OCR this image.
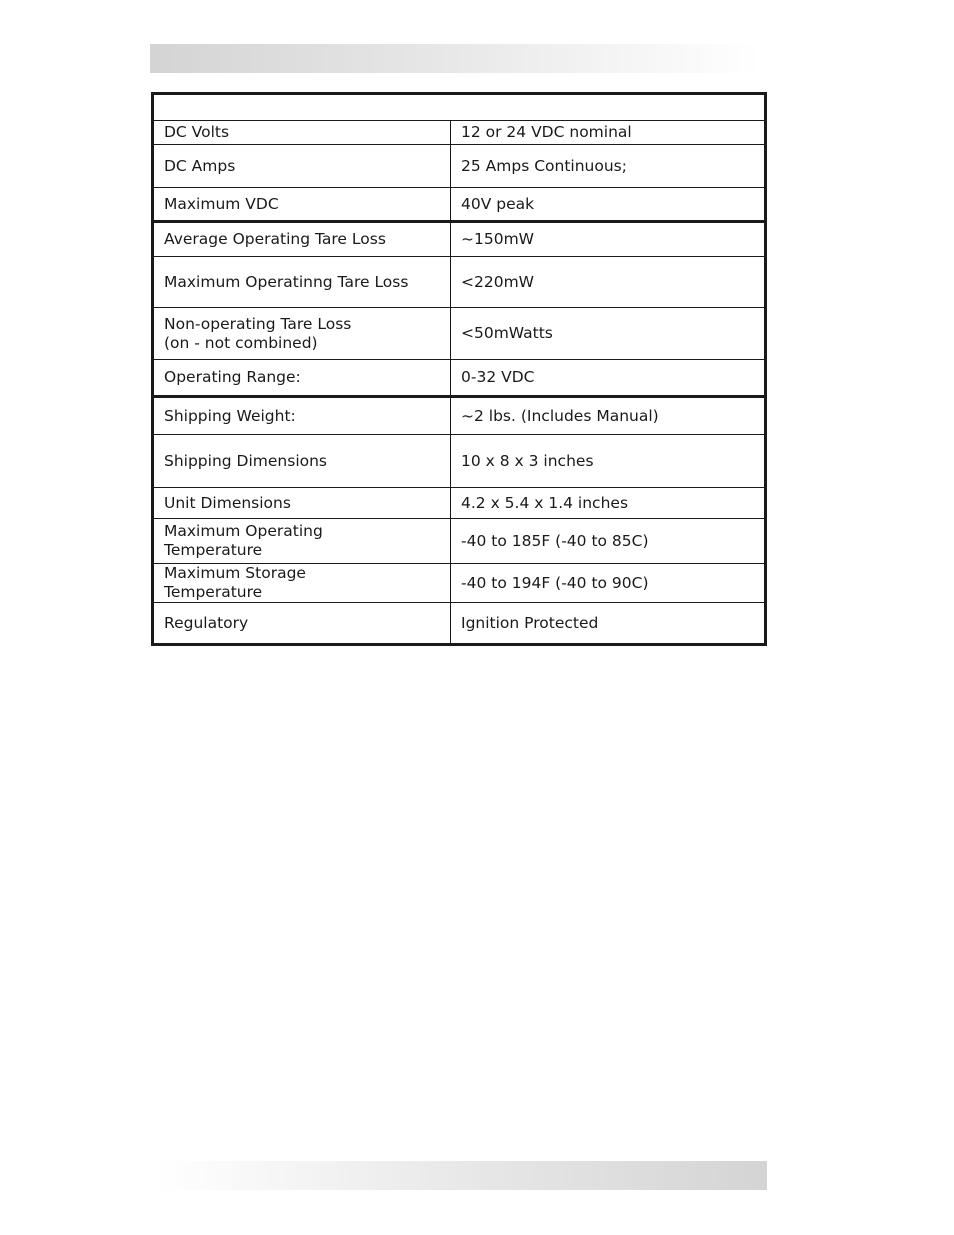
DC Volts	12 or 24 VDC nominal
DC Amps	25 Amps Continuous;
Maximum VDC	40V peak
Average Operating Tare Loss	~150mW
Maximum Operatinng Tare Loss	<220mW
Non-operating Tare Loss
(on - not combined)	<50mWatts
Operating Range:	0-32 VDC
Shipping Weight:	~2 lbs. (Includes Manual)
Shipping Dimensions	10 x 8 x 3 inches
Unit Dimensions	4.2 x 5.4 x 1.4 inches
Maximum Operating
Temperature	-40 to 185F (-40 to 85C)
Maximum Storage
Temperature	-40 to 194F (-40 to 90C)
Regulatory	Ignition Protected
